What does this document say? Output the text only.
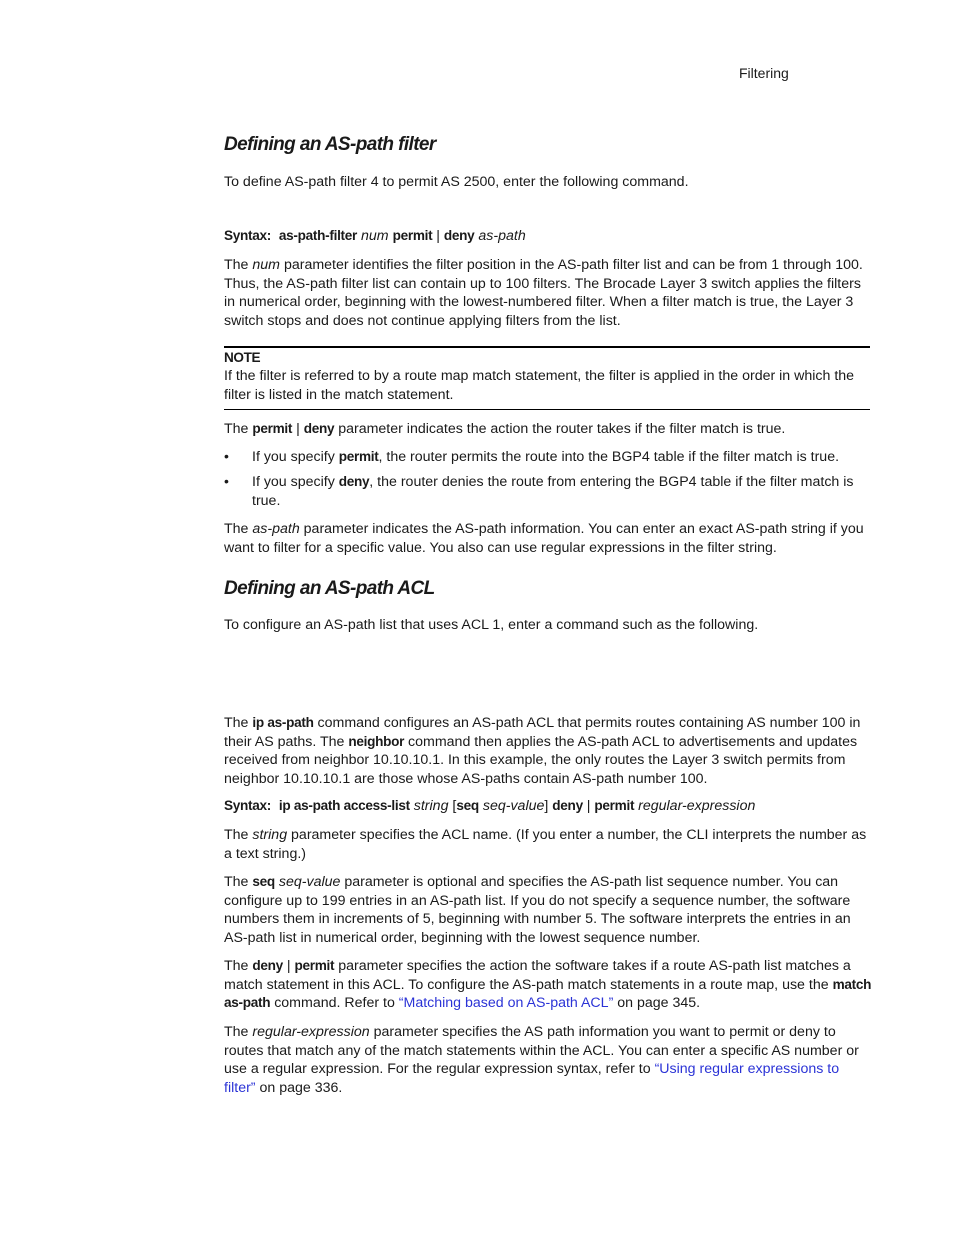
Filtering
Defining an AS-path filter
To define AS-path filter 4 to permit AS 2500, enter the following command.
Syntax: as-path-filter num permit | deny as-path
The num parameter identifies the filter position in the AS-path filter list and can be from 1 through 100. Thus, the AS-path filter list can contain up to 100 filters. The Brocade Layer 3 switch applies the filters in numerical order, beginning with the lowest-numbered filter. When a filter match is true, the Layer 3 switch stops and does not continue applying filters from the list.
NOTE
If the filter is referred to by a route map match statement, the filter is applied in the order in which the filter is listed in the match statement.
The permit | deny parameter indicates the action the router takes if the filter match is true.
• If you specify permit, the router permits the route into the BGP4 table if the filter match is true.
• If you specify deny, the router denies the route from entering the BGP4 table if the filter match is true.
The as-path parameter indicates the AS-path information. You can enter an exact AS-path string if you want to filter for a specific value. You also can use regular expressions in the filter string.
Defining an AS-path ACL
To configure an AS-path list that uses ACL 1, enter a command such as the following.
The ip as-path command configures an AS-path ACL that permits routes containing AS number 100 in their AS paths. The neighbor command then applies the AS-path ACL to advertisements and updates received from neighbor 10.10.10.1. In this example, the only routes the Layer 3 switch permits from neighbor 10.10.10.1 are those whose AS-paths contain AS-path number 100.
Syntax: ip as-path access-list string [seq seq-value] deny | permit regular-expression
The string parameter specifies the ACL name. (If you enter a number, the CLI interprets the number as a text string.)
The seq seq-value parameter is optional and specifies the AS-path list sequence number. You can configure up to 199 entries in an AS-path list. If you do not specify a sequence number, the software numbers them in increments of 5, beginning with number 5. The software interprets the entries in an AS-path list in numerical order, beginning with the lowest sequence number.
The deny | permit parameter specifies the action the software takes if a route AS-path list matches a match statement in this ACL. To configure the AS-path match statements in a route map, use the match as-path command. Refer to “Matching based on AS-path ACL” on page 345.
The regular-expression parameter specifies the AS path information you want to permit or deny to routes that match any of the match statements within the ACL. You can enter a specific AS number or use a regular expression. For the regular expression syntax, refer to “Using regular expressions to filter” on page 336.
